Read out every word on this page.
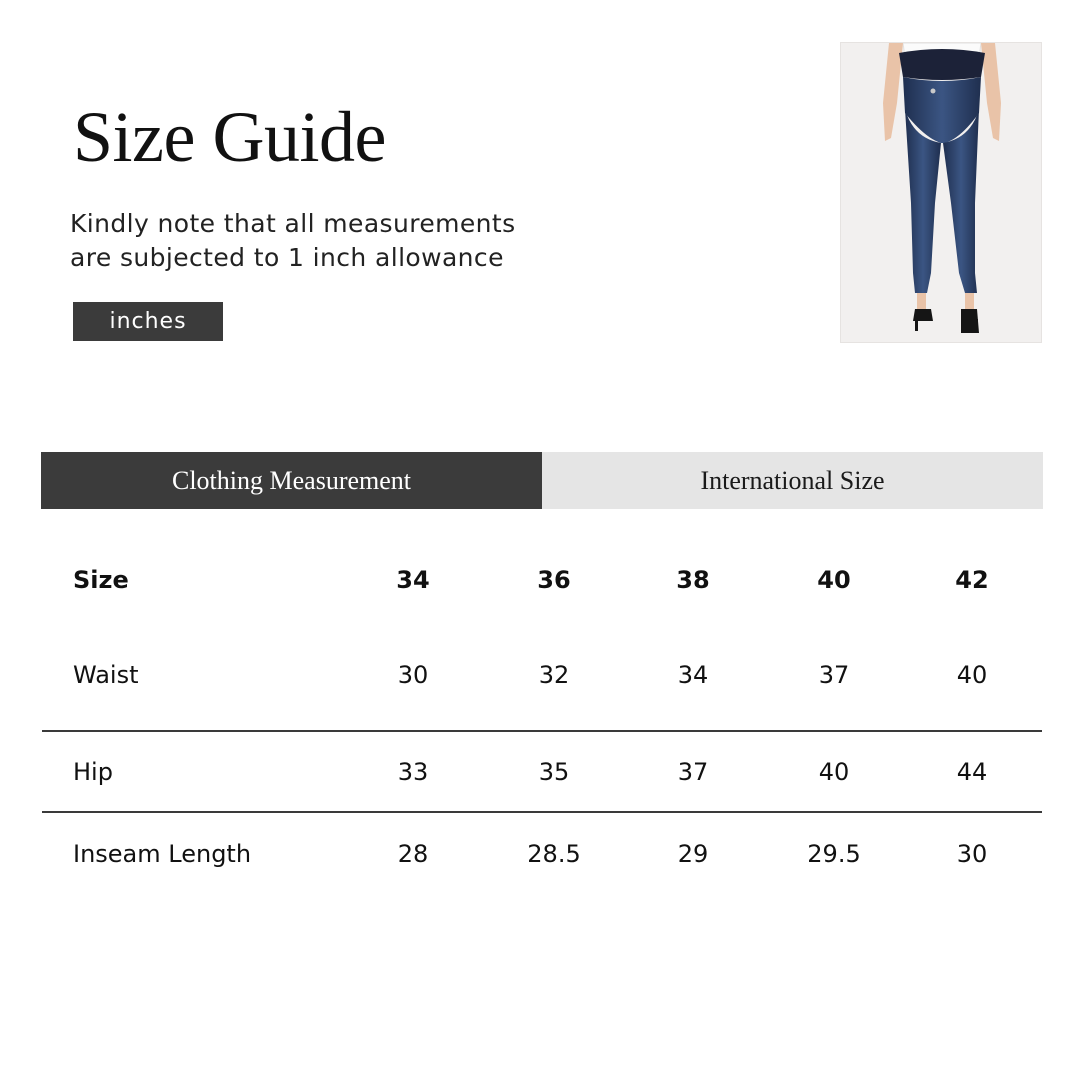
Size Guide
Kindly note that all measurements
are subjected to 1 inch allowance
inches
Clothing Measurement	International Size
Size	34	36	38	40	42
Waist	30	32	34	37	40
Hip	33	35	37	40	44
Inseam Length	28	28.5	29	29.5	30
